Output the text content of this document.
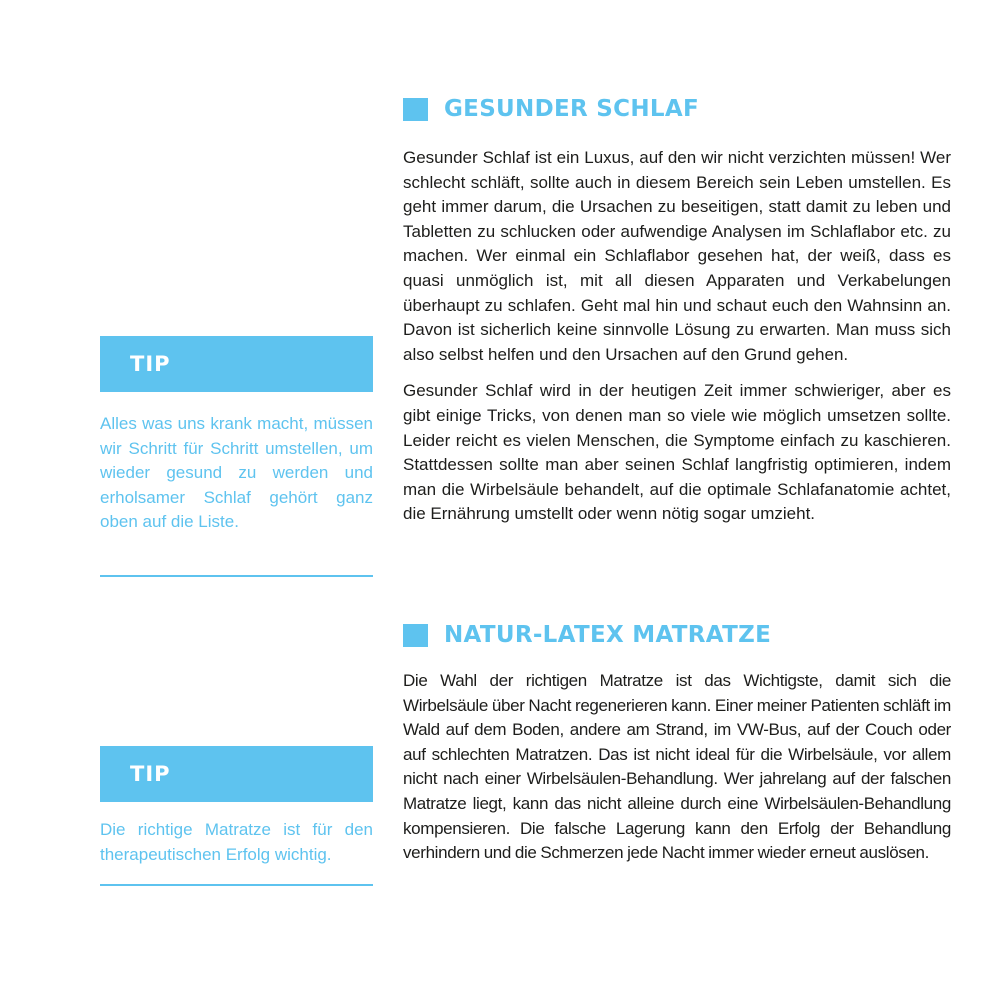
GESUNDER SCHLAF

Gesunder Schlaf ist ein Luxus, auf den wir nicht verzichten müssen! Wer schlecht schläft, sollte auch in diesem Bereich sein Leben umstellen. Es geht immer darum, die Ursachen zu beseitigen, statt damit zu leben und Tabletten zu schlucken oder aufwendige Analysen im Schlaflabor etc. zu machen. Wer einmal ein Schlaflabor gesehen hat, der weiß, dass es quasi unmöglich ist, mit all diesen Apparaten und Verkabelungen überhaupt zu schlafen. Geht mal hin und schaut euch den Wahnsinn an. Davon ist sicherlich keine sinnvolle Lösung zu erwarten. Man muss sich also selbst helfen und den Ursachen auf den Grund gehen.

Gesunder Schlaf wird in der heutigen Zeit immer schwieriger, aber es gibt einige Tricks, von denen man so viele wie möglich umsetzen sollte. Leider reicht es vielen Menschen, die Symptome einfach zu kaschieren. Stattdessen sollte man aber seinen Schlaf langfristig optimieren, indem man die Wirbelsäule behandelt, auf die optimale Schlafanatomie achtet, die Ernährung umstellt oder wenn nötig sogar umzieht.

NATUR-LATEX MATRATZE

Die Wahl der richtigen Matratze ist das Wichtigste, damit sich die Wirbelsäule über Nacht regenerieren kann. Einer meiner Patienten schläft im Wald auf dem Boden, andere am Strand, im VW-Bus, auf der Couch oder auf schlechten Matratzen. Das ist nicht ideal für die Wirbelsäule, vor allem nicht nach einer Wirbelsäulen-Behandlung. Wer jahrelang auf der falschen Matratze liegt, kann das nicht alleine durch eine Wirbelsäulen-Behandlung kompensieren. Die falsche Lagerung kann den Erfolg der Behandlung verhindern und die Schmerzen jede Nacht immer wieder erneut auslösen.

TIP
Alles was uns krank macht, müssen wir Schritt für Schritt umstellen, um wieder gesund zu werden und erholsamer Schlaf gehört ganz oben auf die Liste.
TIP
Die richtige Matratze ist für den therapeutischen Erfolg wichtig.
